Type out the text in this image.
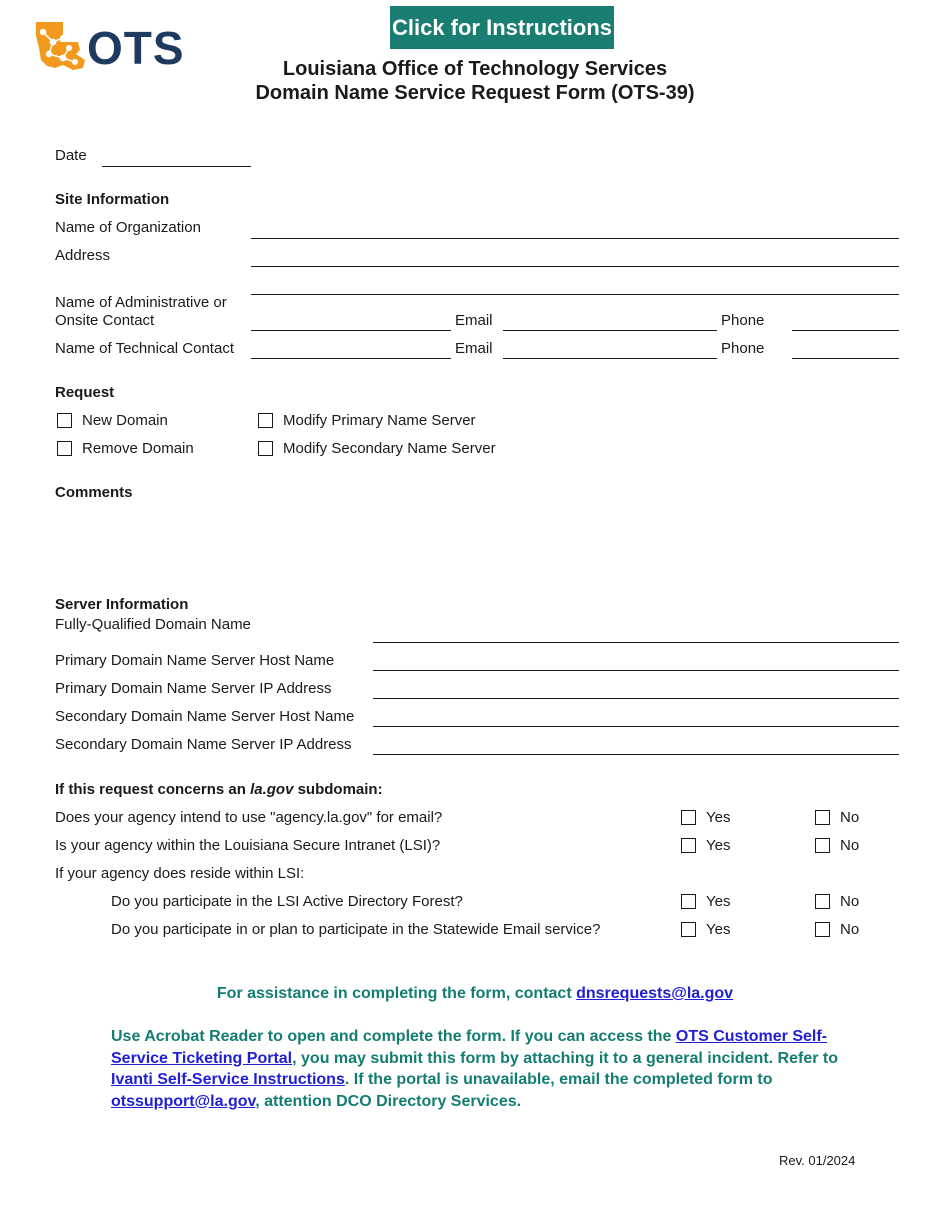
OTS	Click for Instructions
Louisiana Office of Technology Services
Domain Name Service Request Form (OTS-39)
Date
Site Information
Name of Organization
Address
Name of Administrative or
Onsite Contact	Email	Phone
Name of Technical Contact	Email	Phone
Request
New Domain	Modify Primary Name Server
Remove Domain	Modify Secondary Name Server
Comments
Server Information
Fully-Qualified Domain Name
Primary Domain Name Server Host Name
Primary Domain Name Server IP Address
Secondary Domain Name Server Host Name
Secondary Domain Name Server IP Address
If this request concerns an la.gov subdomain:
Does your agency intend to use "agency.la.gov" for email?	Yes	No
Is your agency within the Louisiana Secure Intranet (LSI)?	Yes	No
If your agency does reside within LSI:
Do you participate in the LSI Active Directory Forest?	Yes	No
Do you participate in or plan to participate in the Statewide Email service?	Yes	No
For assistance in completing the form, contact dnsrequests@la.gov
Use Acrobat Reader to open and complete the form. If you can access the OTS Customer Self-Service Ticketing Portal, you may submit this form by attaching it to a general incident. Refer to Ivanti Self-Service Instructions. If the portal is unavailable, email the completed form to otssupport@la.gov, attention DCO Directory Services.
Rev. 01/2024
